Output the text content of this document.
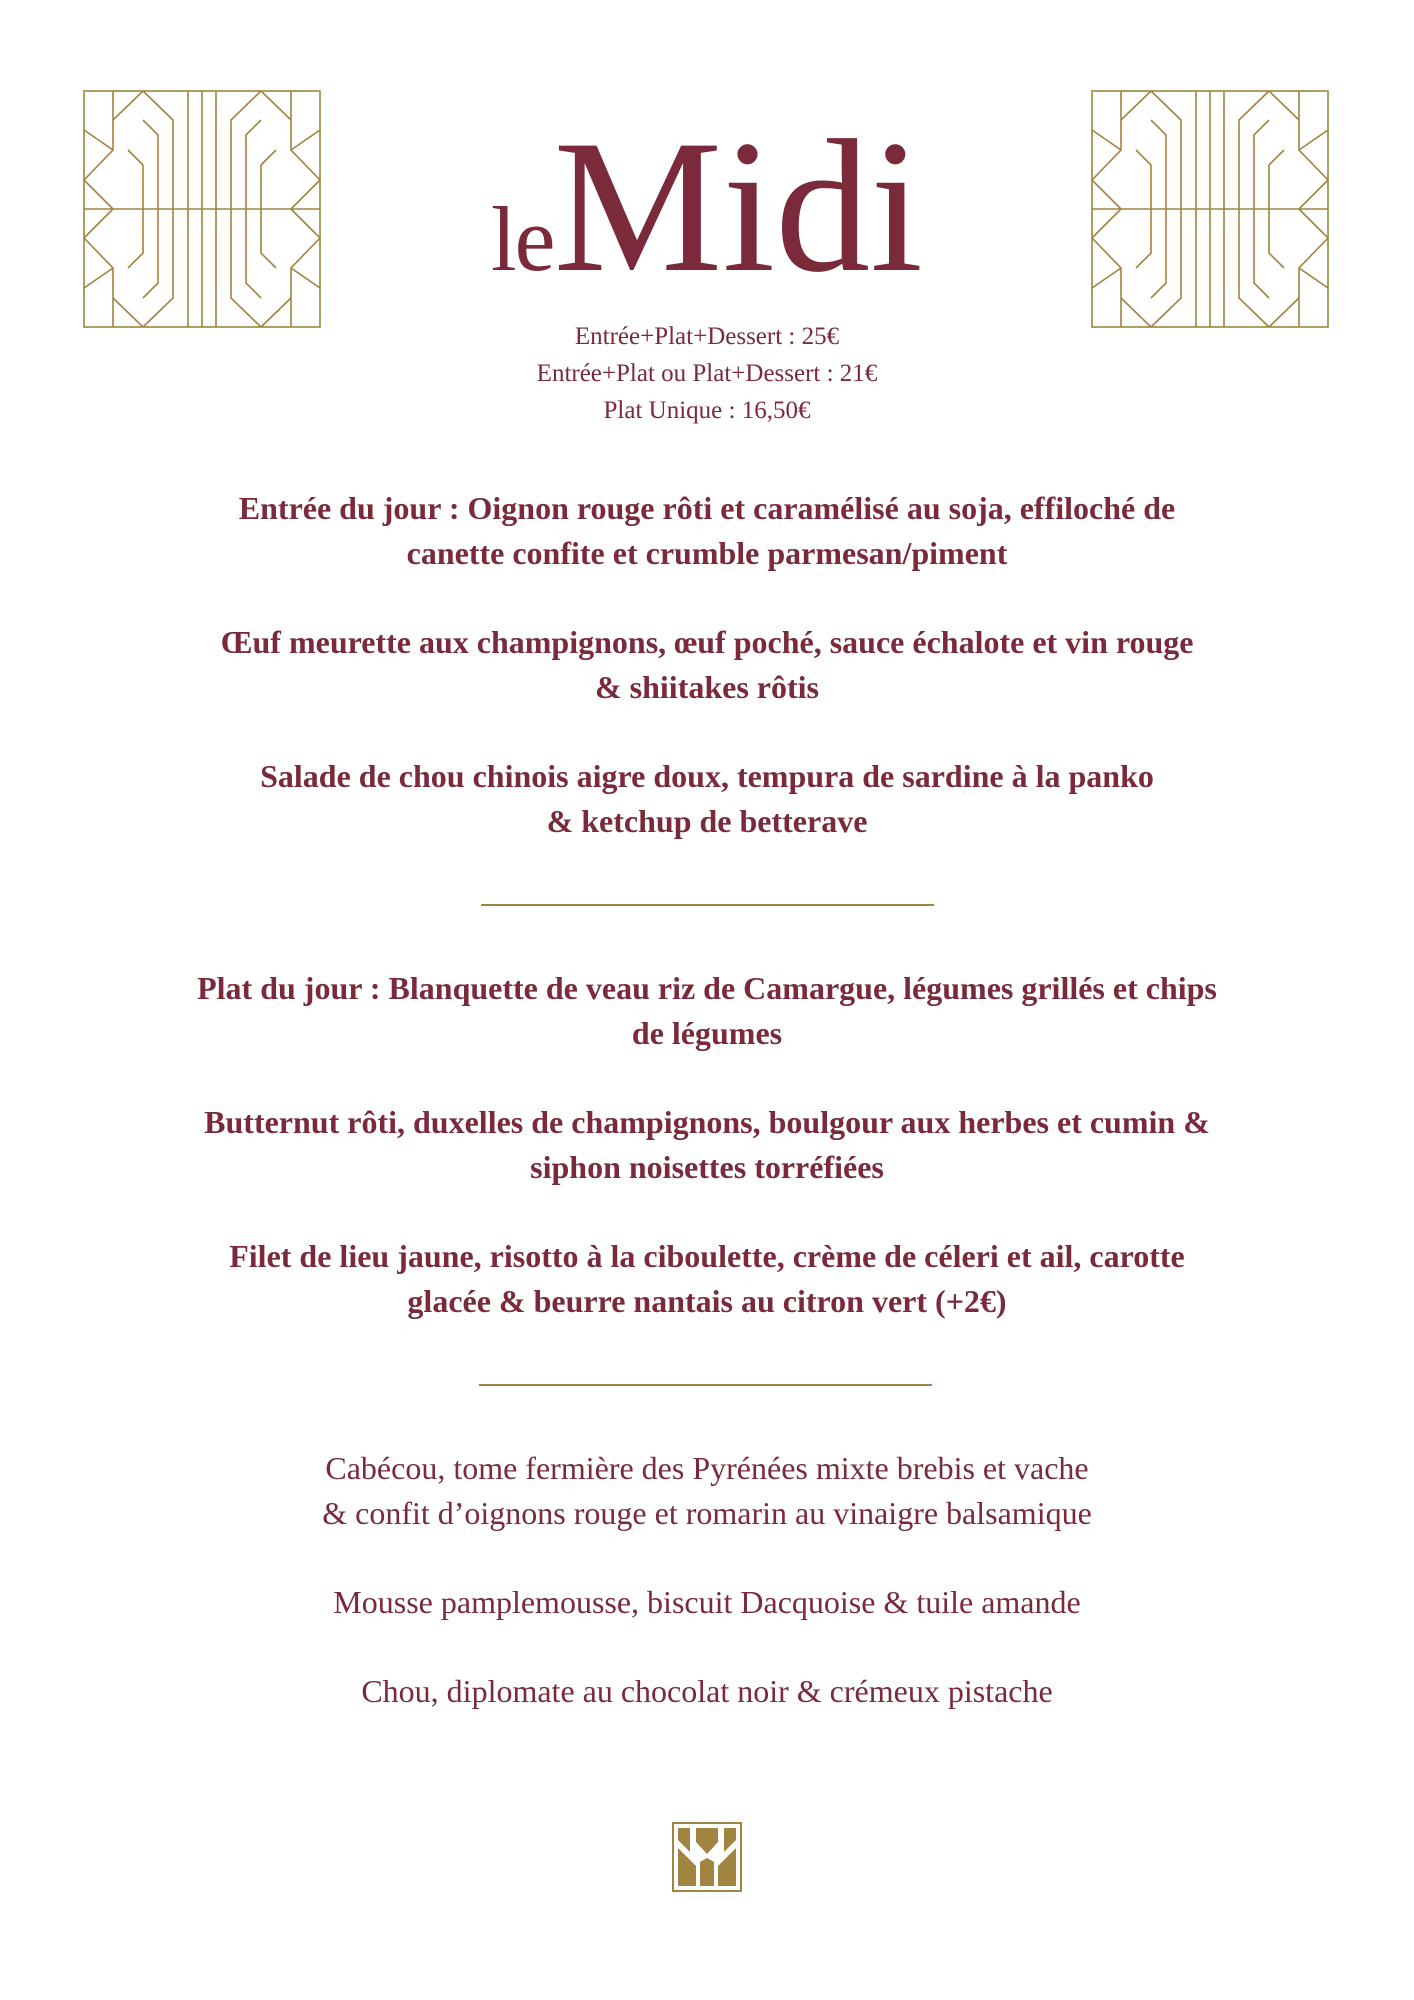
leMidi
Entrée+Plat+Dessert : 25€
Entrée+Plat ou Plat+Dessert : 21€
Plat Unique : 16,50€
Entrée du jour : Oignon rouge rôti et caramélisé au soja, effiloché de
canette confite et crumble parmesan/piment
Œuf meurette aux champignons, œuf poché, sauce échalote et vin rouge
& shiitakes rôtis
Salade de chou chinois aigre doux, tempura de sardine à la panko
& ketchup de betterave
Plat du jour : Blanquette de veau riz de Camargue, légumes grillés et chips
de légumes
Butternut rôti, duxelles de champignons, boulgour aux herbes et cumin &
siphon noisettes torréfiées
Filet de lieu jaune, risotto à la ciboulette, crème de céleri et ail, carotte
glacée & beurre nantais au citron vert (+2€)
Cabécou, tome fermière des Pyrénées mixte brebis et vache
& confit d’oignons rouge et romarin au vinaigre balsamique
Mousse pamplemousse, biscuit Dacquoise & tuile amande
Chou, diplomate au chocolat noir & crémeux pistache
